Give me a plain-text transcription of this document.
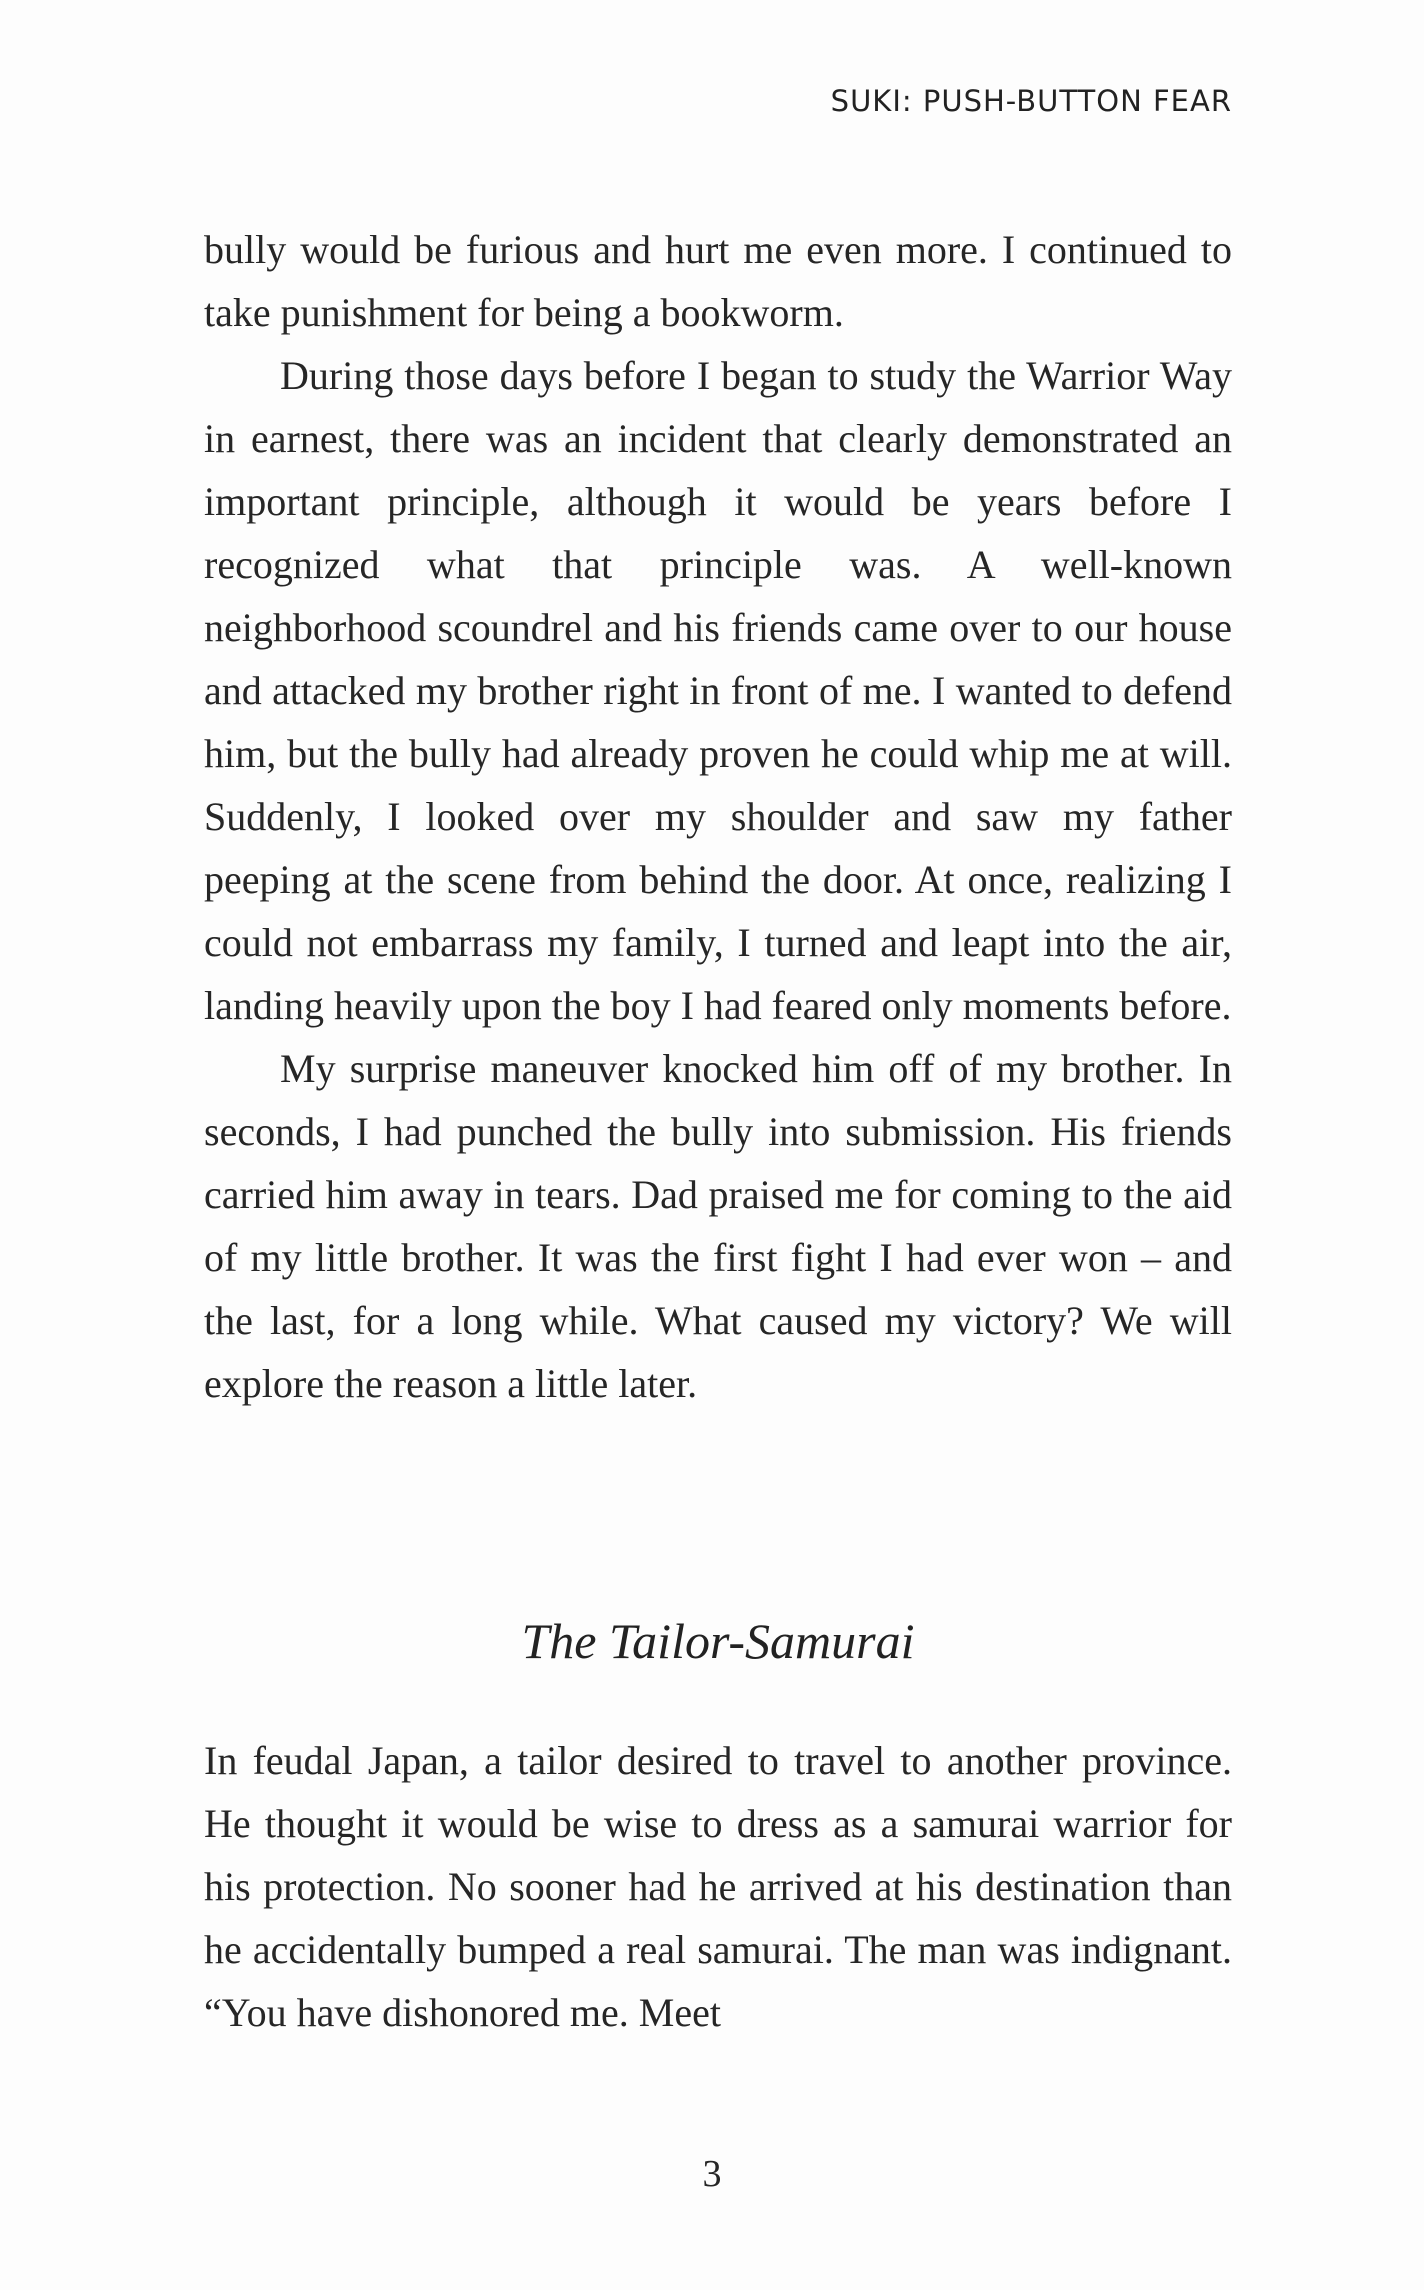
SUKI: PUSH-BUTTON FEAR

bully would be furious and hurt me even more. I continued to take punishment for being a bookworm.

During those days before I began to study the Warrior Way in earnest, there was an incident that clearly demonstrated an important principle, although it would be years before I recognized what that principle was. A well-known neighborhood scoundrel and his friends came over to our house and attacked my brother right in front of me. I wanted to defend him, but the bully had already proven he could whip me at will. Suddenly, I looked over my shoulder and saw my father peeping at the scene from behind the door. At once, realizing I could not embarrass my family, I turned and leapt into the air, landing heavily upon the boy I had feared only moments before.

My surprise maneuver knocked him off of my brother. In seconds, I had punched the bully into submission. His friends carried him away in tears. Dad praised me for coming to the aid of my little brother. It was the first fight I had ever won – and the last, for a long while. What caused my victory? We will explore the reason a little later.

The Tailor-Samurai

In feudal Japan, a tailor desired to travel to another province. He thought it would be wise to dress as a samurai warrior for his protection. No sooner had he arrived at his destination than he accidentally bumped a real samurai. The man was indignant. “You have dishonored me. Meet

3
